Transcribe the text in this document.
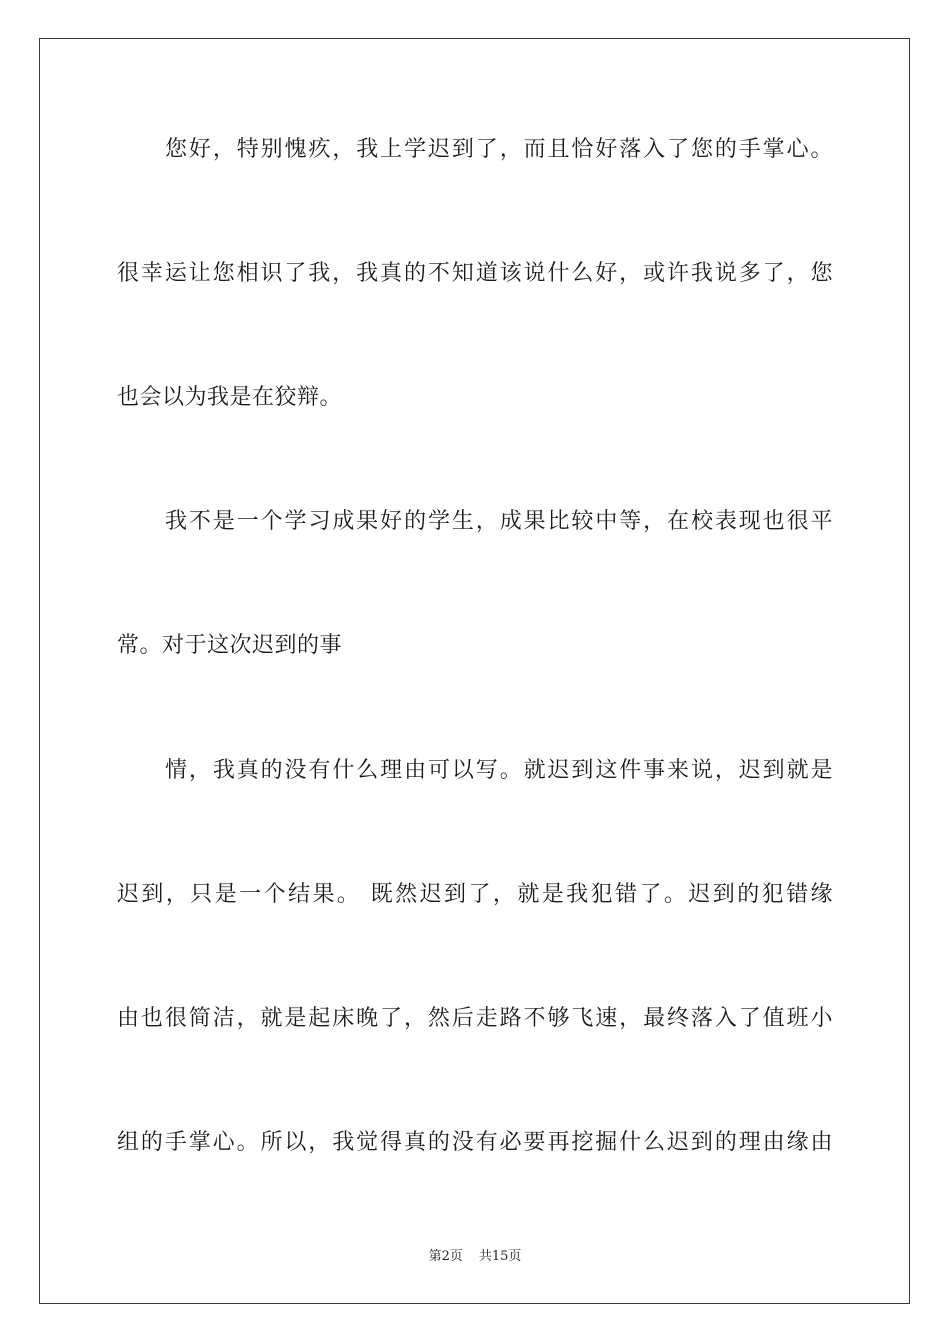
您好，特别愧疚，我上学迟到了，而且恰好落入了您的手掌心。
很幸运让您相识了我，我真的不知道该说什么好，或许我说多了，您
也会以为我是在狡辩。
我不是一个学习成果好的学生，成果比较中等，在校表现也很平
常。对于这次迟到的事
情，我真的没有什么理由可以写。就迟到这件事来说，迟到就是
迟到，只是一个结果。 既然迟到了，就是我犯错了。迟到的犯错缘
由也很简洁，就是起床晚了，然后走路不够飞速，最终落入了值班小
组的手掌心。所以，我觉得真的没有必要再挖掘什么迟到的理由缘由
第2页 共15页
